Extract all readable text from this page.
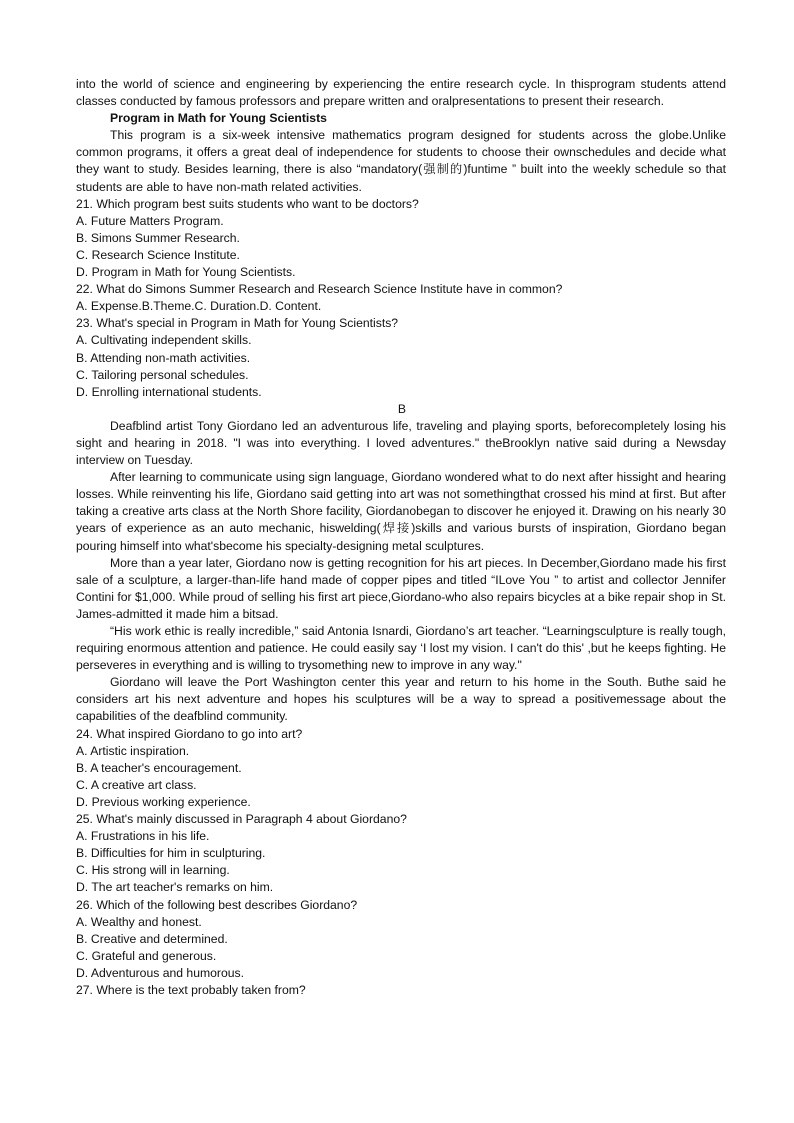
into the world of science and engineering by experiencing the entire research cycle. In thisprogram students attend classes conducted by famous professors and prepare written and oralpresentations to present their research.

Program in Math for Young Scientists

This program is a six-week intensive mathematics program designed for students across the globe.Unlike common programs, it offers a great deal of independence for students to choose their ownschedules and decide what they want to study. Besides learning, there is also “mandatory(强制的)funtime ” built into the weekly schedule so that students are able to have non-math related activities.

21. Which program best suits students who want to be doctors?

A. Future Matters Program.

B. Simons Summer Research.

C. Research Science Institute.

D. Program in Math for Young Scientists.

22. What do Simons Summer Research and Research Science Institute have in common?

A. Expense.B.Theme.C. Duration.D. Content.

23. What's special in Program in Math for Young Scientists?

A. Cultivating independent skills.

B. Attending non-math activities.

C. Tailoring personal schedules.

D. Enrolling international students.

B

Deafblind artist Tony Giordano led an adventurous life, traveling and playing sports, beforecompletely losing his sight and hearing in 2018. "I was into everything. I loved adventures." theBrooklyn native said during a Newsday interview on Tuesday.

After learning to communicate using sign language, Giordano wondered what to do next after hissight and hearing losses. While reinventing his life, Giordano said getting into art was not somethingthat crossed his mind at first. But after taking a creative arts class at the North Shore facility, Giordanobegan to discover he enjoyed it. Drawing on his nearly 30 years of experience as an auto mechanic, hiswelding(焊接)skills and various bursts of inspiration, Giordano began pouring himself into what'sbecome his specialty-designing metal sculptures.

More than a year later, Giordano now is getting recognition for his art pieces. In December,Giordano made his first sale of a sculpture, a larger-than-life hand made of copper pipes and titled “ILove You ” to artist and collector Jennifer Contini for $1,000. While proud of selling his first art piece,Giordano-who also repairs bicycles at a bike repair shop in St. James-admitted it made him a bitsad.

“His work ethic is really incredible,” said Antonia Isnardi, Giordano’s art teacher. “Learningsculpture is really tough, requiring enormous attention and patience. He could easily say ‘I lost my vision. I can't do this' ,but he keeps fighting. He perseveres in everything and is willing to trysomething new to improve in any way."

Giordano will leave the Port Washington center this year and return to his home in the South. Buthe said he considers art his next adventure and hopes his sculptures will be a way to spread a positivemessage about the capabilities of the deafblind community.

24. What inspired Giordano to go into art?

A. Artistic inspiration.

B. A teacher's encouragement.

C. A creative art class.

D. Previous working experience.

25. What's mainly discussed in Paragraph 4 about Giordano?

A. Frustrations in his life.

B. Difficulties for him in sculpturing.

C. His strong will in learning.

D. The art teacher's remarks on him.

26. Which of the following best describes Giordano?

A. Wealthy and honest.

B. Creative and determined.

C. Grateful and generous.

D. Adventurous and humorous.

27. Where is the text probably taken from?
